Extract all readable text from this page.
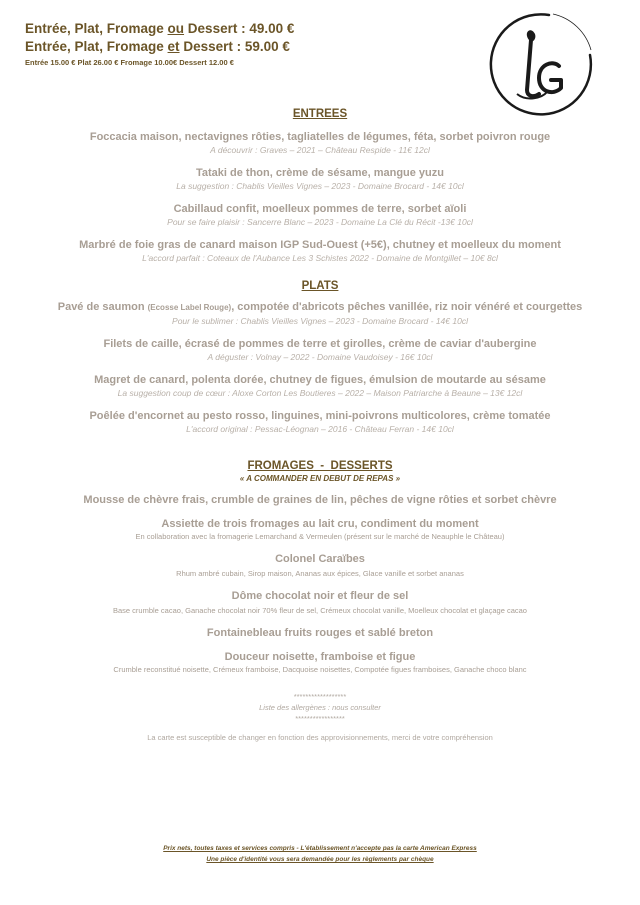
Entrée, Plat, Fromage ou Dessert : 49.00 €
Entrée, Plat, Fromage et Dessert : 59.00 €
Entrée 15.00 € Plat 26.00 € Fromage 10.00€ Dessert 12.00 €
ENTREES
Foccacia maison, nectavignes rôties, tagliatelles de légumes, féta, sorbet poivron rouge
A découvrir : Graves – 2021 – Château Respide - 11€ 12cl
Tataki de thon, crème de sésame, mangue yuzu
La suggestion : Chablis Vieilles Vignes – 2023 - Domaine Brocard - 14€ 10cl
Cabillaud confit, moelleux pommes de terre, sorbet aïoli
Pour se faire plaisir : Sancerre Blanc – 2023 - Domaine La Clé du Récit -13€ 10cl
Marbré de foie gras de canard maison IGP Sud-Ouest (+5€), chutney et moelleux du moment
L'accord parfait : Coteaux de l'Aubance Les 3 Schistes 2022 - Domaine de Montgillet – 10€ 8cl
PLATS
Pavé de saumon (Ecosse Label Rouge), compotée d'abricots pêches vanillée, riz noir vénéré et courgettes
Pour le sublimer : Chablis Vieilles Vignes – 2023 - Domaine Brocard - 14€ 10cl
Filets de caille, écrasé de pommes de terre et girolles, crème de caviar d'aubergine
A déguster : Volnay – 2022 - Domaine Vaudoisey - 16€ 10cl
Magret de canard, polenta dorée, chutney de figues, émulsion de moutarde au sésame
La suggestion coup de cœur : Aloxe Corton Les Boutieres – 2022 – Maison Patriarche à Beaune – 13€ 12cl
Poêlée d'encornet au pesto rosso, linguines, mini-poivrons multicolores, crème tomatée
L'accord original : Pessac-Léognan – 2016 - Château Ferran - 14€ 10cl
FROMAGES  -  DESSERTS
« A COMMANDER EN DEBUT DE REPAS »
Mousse de chèvre frais, crumble de graines de lin, pêches de vigne rôties et sorbet chèvre
Assiette de trois fromages au lait cru, condiment du moment
En collaboration avec la fromagerie Lemarchand & Vermeulen (présent sur le marché de Neauphle le Château)
Colonel Caraïbes
Rhum ambré cubain, Sirop maison, Ananas aux épices, Glace vanille et sorbet ananas
Dôme chocolat noir et fleur de sel
Base crumble cacao, Ganache chocolat noir 70% fleur de sel, Crémeux chocolat vanille, Moelleux chocolat et glaçage cacao
Fontainebleau fruits rouges et sablé breton
Douceur noisette, framboise et figue
Crumble reconstitué noisette, Crémeux framboise, Dacquoise noisettes, Compotée figues framboises, Ganache choco blanc
******************
Liste des allergènes : nous consulter
*****************
La carte est susceptible de changer en fonction des approvisionnements, merci de votre compréhension
Prix nets, toutes taxes et services compris - L'établissement n'accepte pas la carte American Express
Une pièce d'identité vous sera demandée pour les règlements par chèque
